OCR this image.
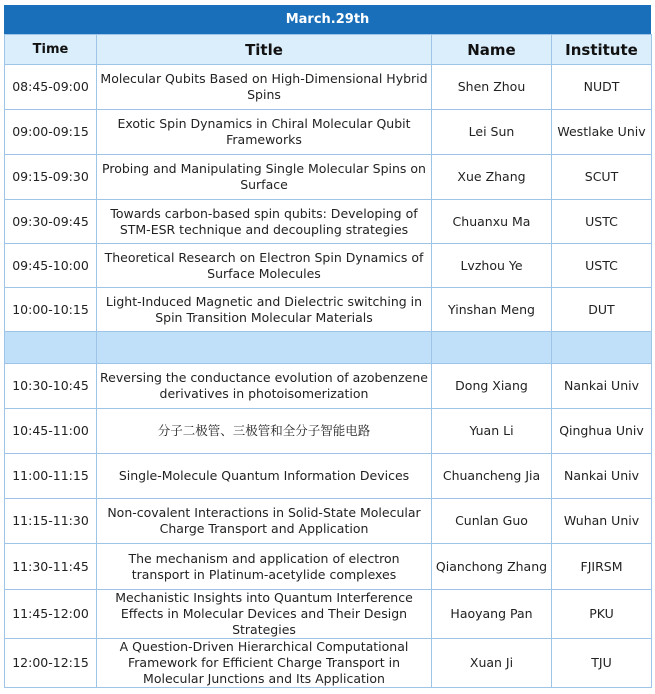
March.29th
Time	Title	Name	Institute
08:45-09:00	Molecular Qubits Based on High-Dimensional Hybrid Spins	Shen Zhou	NUDT
09:00-09:15	Exotic Spin Dynamics in Chiral Molecular Qubit Frameworks	Lei Sun	Westlake Univ
09:15-09:30	Probing and Manipulating Single Molecular Spins on Surface	Xue Zhang	SCUT
09:30-09:45	Towards carbon-based spin qubits: Developing of STM-ESR technique and decoupling strategies	Chuanxu Ma	USTC
09:45-10:00	Theoretical Research on Electron Spin Dynamics of Surface Molecules	Lvzhou Ye	USTC
10:00-10:15	Light-Induced Magnetic and Dielectric switching in Spin Transition Molecular Materials	Yinshan Meng	DUT

10:30-10:45	Reversing the conductance evolution of azobenzene derivatives in photoisomerization	Dong Xiang	Nankai Univ
10:45-11:00	分子二极管、三极管和全分子智能电路	Yuan Li	Qinghua Univ
11:00-11:15	Single-Molecule Quantum Information Devices	Chuancheng Jia	Nankai Univ
11:15-11:30	Non-covalent Interactions in Solid-State Molecular Charge Transport and Application	Cunlan Guo	Wuhan Univ
11:30-11:45	The mechanism and application of electron transport in Platinum-acetylide complexes	Qianchong Zhang	FJIRSM
11:45-12:00	Mechanistic Insights into Quantum Interference Effects in Molecular Devices and Their Design Strategies	Haoyang Pan	PKU
12:00-12:15	A Question-Driven Hierarchical Computational Framework for Efficient Charge Transport in Molecular Junctions and Its Application	Xuan Ji	TJU
